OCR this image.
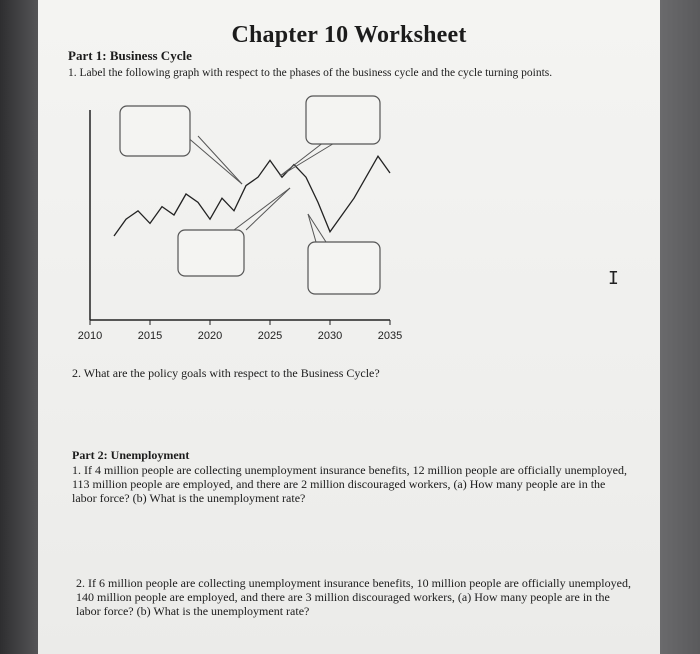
Chapter 10 Worksheet
Part 1: Business Cycle
1. Label the following graph with respect to the phases of the business cycle and the cycle turning points.
2010	2015	2020	2025	2030	2035
2. What are the policy goals with respect to the Business Cycle?
Part 2: Unemployment
1. If 4 million people are collecting unemployment insurance benefits, 12 million people are officially unemployed, 113 million people are employed, and there are 2 million discouraged workers, (a) How many people are in the labor force? (b) What is the unemployment rate?
2. If 6 million people are collecting unemployment insurance benefits, 10 million people are officially unemployed, 140 million people are employed, and there are 3 million discouraged workers, (a) How many people are in the labor force? (b) What is the unemployment rate?
I
